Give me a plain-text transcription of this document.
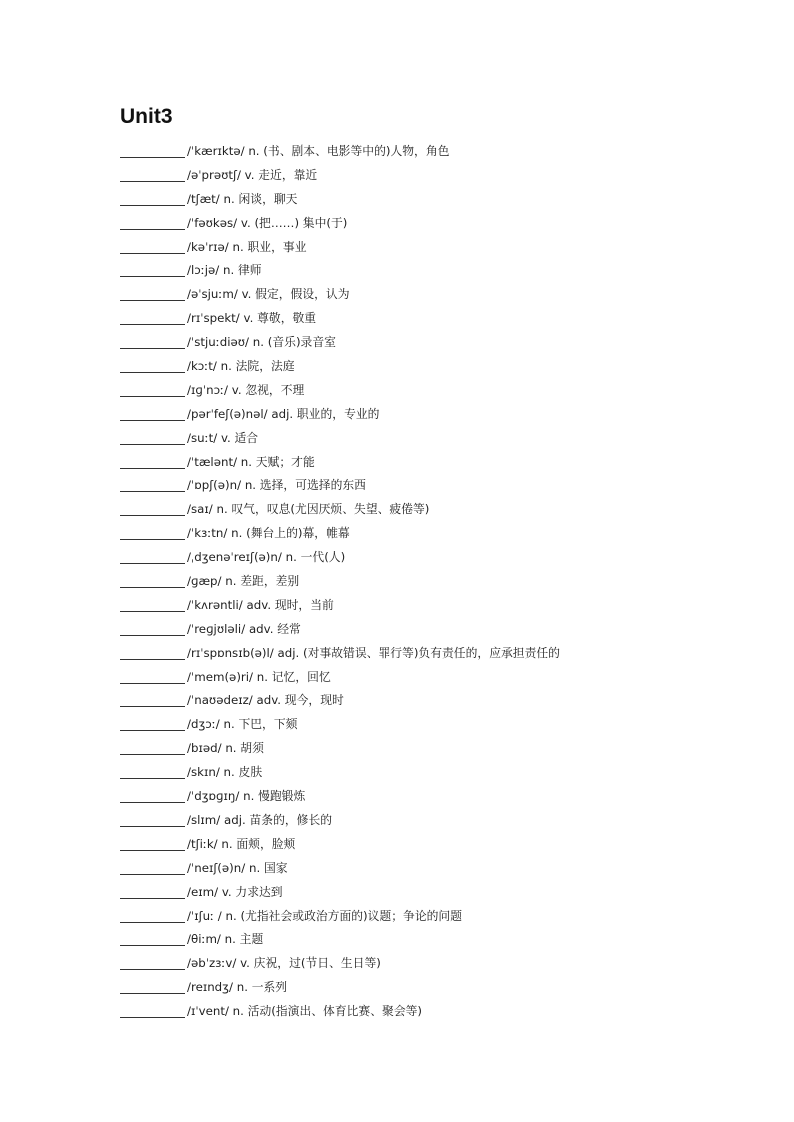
Unit3
/ˈkærɪktə/ n. (书、剧本、电影等中的)人物，角色
/əˈprəʊtʃ/ v. 走近，靠近
/tʃæt/ n. 闲谈，聊天
/ˈfəʊkəs/ v. (把……) 集中(于)
/kəˈrɪə/ n. 职业，事业
/lɔːjə/ n. 律师
/əˈsjuːm/ v. 假定，假设，认为
/rɪˈspekt/ v. 尊敬，敬重
/ˈstjuːdiəʊ/ n. (音乐)录音室
/kɔːt/ n. 法院，法庭
/ɪɡˈnɔː/ v. 忽视，不理
/pərˈfeʃ(ə)nəl/ adj. 职业的，专业的
/suːt/ v. 适合
/ˈtælənt/ n. 天赋；才能
/ˈɒpʃ(ə)n/ n. 选择，可选择的东西
/saɪ/ n. 叹气，叹息(尤因厌烦、失望、疲倦等)
/ˈkɜːtn/ n. (舞台上的)幕，帷幕
/ˌdʒenəˈreɪʃ(ə)n/ n. 一代(人)
/ɡæp/ n. 差距，差别
/ˈkʌrəntli/ adv. 现时，当前
/ˈreɡjʊləli/ adv. 经常
/rɪˈspɒnsɪb(ə)l/ adj. (对事故错误、罪行等)负有责任的，应承担责任的
/ˈmem(ə)ri/ n. 记忆，回忆
/ˈnaʊədeɪz/ adv. 现今，现时
/dʒɔː/ n. 下巴，下颏
/bɪəd/ n. 胡须
/skɪn/ n. 皮肤
/ˈdʒɒɡɪŋ/ n. 慢跑锻炼
/slɪm/ adj. 苗条的，修长的
/tʃiːk/ n. 面颊，脸颊
/ˈneɪʃ(ə)n/ n. 国家
/eɪm/ v. 力求达到
/ˈɪʃuː / n. (尤指社会或政治方面的)议题；争论的问题
/θiːm/ n. 主题
/əbˈzɜːv/ v. 庆祝，过(节日、生日等)
/reɪndʒ/ n. 一系列
/ɪˈvent/ n. 活动(指演出、体育比赛、聚会等)
